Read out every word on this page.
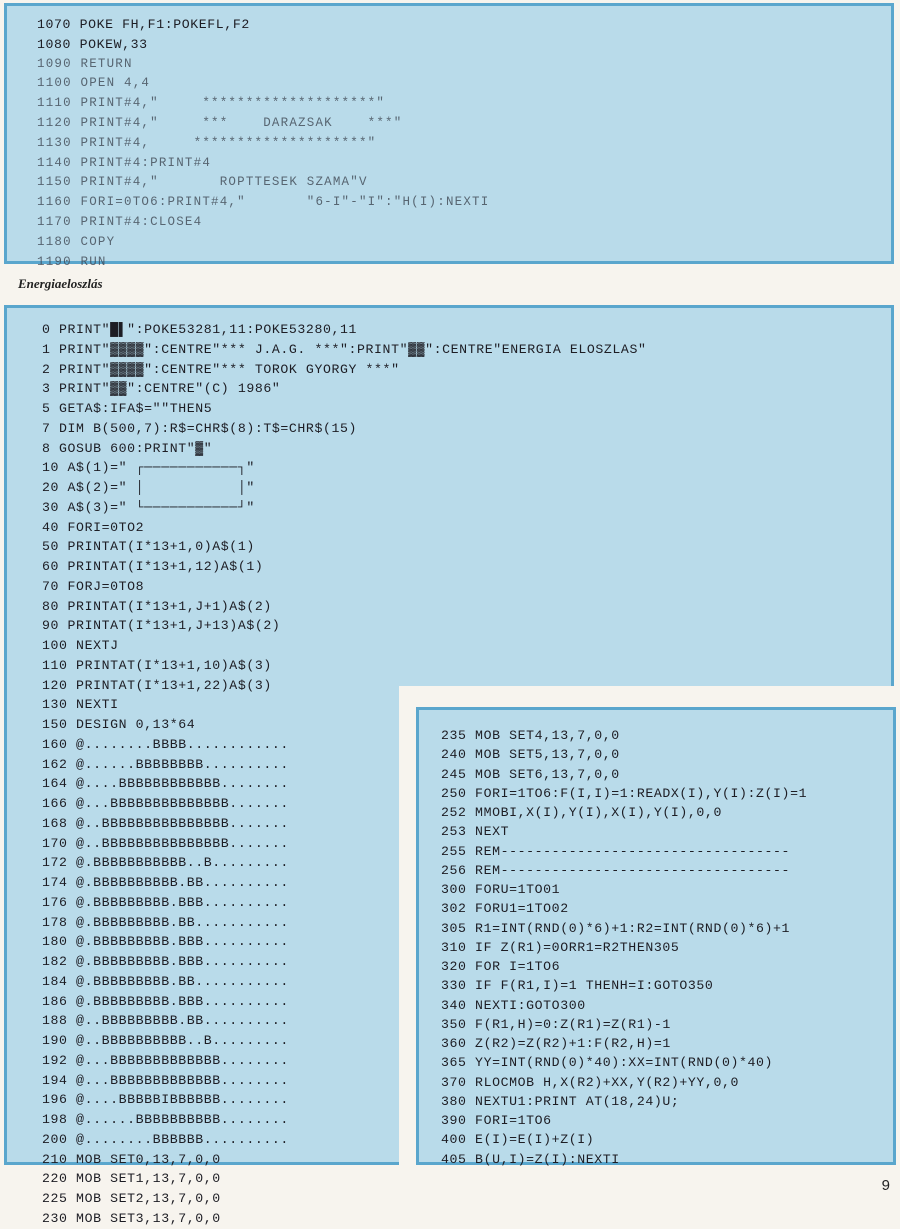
1070 POKE FH,F1:POKEFL,F2
1080 POKEW,33
1090 RETURN
1100 OPEN 4,4
1110 PRINT#4,"     ********************"
1120 PRINT#4,"     ***    DARAZSAK    ***"
1130 PRINT#4,     ********************"
1140 PRINT#4:PRINT#4
1150 PRINT#4,"       ROPTTESEK SZAMA"V
1160 FORI=0TO6:PRINT#4,"       "6-I"-"I":"H(I):NEXTI
1170 PRINT#4:CLOSE4
1180 COPY
1190 RUN
Energiaeloszlás
0 PRINT"█▌":POKE53281,11:POKE53280,11
1 PRINT"▓▓▓▓":CENTRE"*** J.A.G. ***":PRINT"▓▓":CENTRE"ENERGIA ELOSZLAS"
2 PRINT"▓▓▓▓":CENTRE"*** TOROK GYORGY ***"
3 PRINT"▓▓":CENTRE"(C) 1986"
5 GETA$:IFA$=""THEN5
7 DIM B(500,7):R$=CHR$(8):T$=CHR$(15)
8 GOSUB 600:PRINT"▓"
10 A$(1)=" ┌───────────┐"
20 A$(2)=" │           │"
30 A$(3)=" └───────────┘"
40 FORI=0TO2
50 PRINTAT(I*13+1,0)A$(1)
60 PRINTAT(I*13+1,12)A$(1)
70 FORJ=0TO8
80 PRINTAT(I*13+1,J+1)A$(2)
90 PRINTAT(I*13+1,J+13)A$(2)
100 NEXTJ
110 PRINTAT(I*13+1,10)A$(3)
120 PRINTAT(I*13+1,22)A$(3)
130 NEXTI
150 DESIGN 0,13*64
160 @........BBBB............
162 @......BBBBBBBB..........
164 @....BBBBBBBBBBBB........
166 @...BBBBBBBBBBBBBB.......
168 @..BBBBBBBBBBBBBBB.......
170 @..BBBBBBBBBBBBBBB.......
172 @.BBBBBBBBBBB..B.........
174 @.BBBBBBBBBB.BB..........
176 @.BBBBBBBBB.BBB..........
178 @.BBBBBBBBB.BB...........
180 @.BBBBBBBBB.BBB..........
182 @.BBBBBBBBB.BBB..........
184 @.BBBBBBBBB.BB...........
186 @.BBBBBBBBB.BBB..........
188 @..BBBBBBBBB.BB..........
190 @..BBBBBBBBBB..B.........
192 @...BBBBBBBBBBBBB........
194 @...BBBBBBBBBBBBB........
196 @....BBBBBIBBBBBB........
198 @......BBBBBBBBBB........
200 @........BBBBBB..........
210 MOB SET0,13,7,0,0
220 MOB SET1,13,7,0,0
225 MOB SET2,13,7,0,0
230 MOB SET3,13,7,0,0
235 MOB SET4,13,7,0,0
240 MOB SET5,13,7,0,0
245 MOB SET6,13,7,0,0
250 FORI=1TO6:F(I,I)=1:READX(I),Y(I):Z(I)=1
252 MMOBI,X(I),Y(I),X(I),Y(I),0,0
253 NEXT
255 REM----------------------------------
256 REM----------------------------------
300 FORU=1TO01
302 FORU1=1TO02
305 R1=INT(RND(0)*6)+1:R2=INT(RND(0)*6)+1
310 IF Z(R1)=0ORR1=R2THEN305
320 FOR I=1TO6
330 IF F(R1,I)=1 THENH=I:GOTO350
340 NEXTI:GOTO300
350 F(R1,H)=0:Z(R1)=Z(R1)-1
360 Z(R2)=Z(R2)+1:F(R2,H)=1
365 YY=INT(RND(0)*40):XX=INT(RND(0)*40)
370 RLOCMOB H,X(R2)+XX,Y(R2)+YY,0,0
380 NEXTU1:PRINT AT(18,24)U;
390 FORI=1TO6
400 E(I)=E(I)+Z(I)
405 B(U,I)=Z(I):NEXTI
9
